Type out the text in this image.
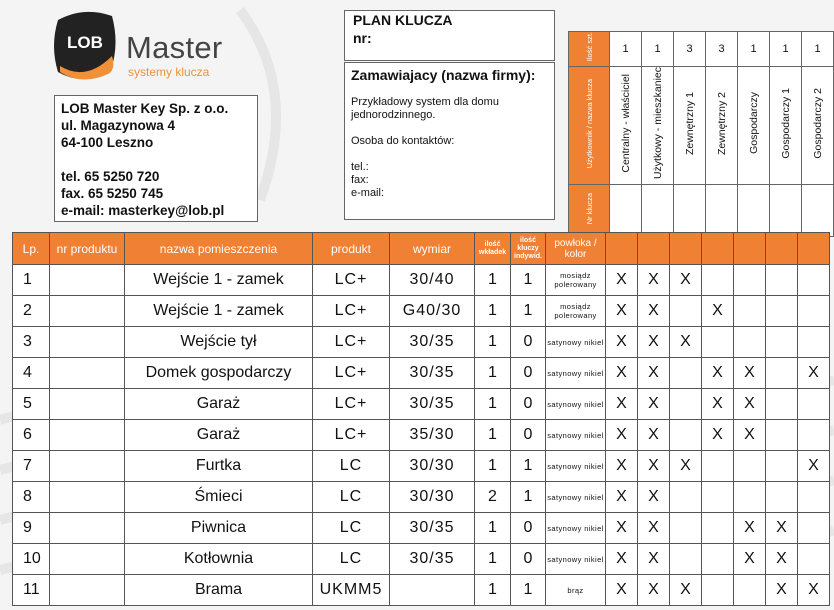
LOB Master
systemy klucza
LOB Master Key Sp. z o.o.
ul. Magazynowa 4
64-100 Leszno
tel. 65 5250 720
fax. 65 5250 745
e-mail: masterkey@lob.pl
PLAN KLUCZA
nr:
Zamawiajacy (nazwa firmy):
Przykładowy system dla domu
jednorodzinnego.
Osoba do kontaktów:
tel.:
fax:
e-mail:
Ilość szt.	1	1	3	3	1	1	1
Użytkownik / nazwa klucza	Centralny - właściciel	Użytkowy - mieszkaniec	Zewnętrzny 1	Zewnętrzny 2	Gospodarczy	Gospodarczy 1	Gospodarczy 2
Nr klucza							
Lp.	nr produktu	nazwa pomieszczenia	produkt	wymiar	ilość wkładek	ilość kluczy indywid.	powłoka / kolor							
1		Wejście 1 - zamek	LC+	30/40	1	1	mosiądz polerowany	X	X	X				
2		Wejście 1 - zamek	LC+	G40/30	1	1	mosiądz polerowany	X	X		X			
3		Wejście tył	LC+	30/35	1	0	satynowy nikiel	X	X	X				
4		Domek gospodarczy	LC+	30/35	1	0	satynowy nikiel	X	X		X	X		X
5		Garaż	LC+	30/35	1	0	satynowy nikiel	X	X		X	X		
6		Garaż	LC+	35/30	1	0	satynowy nikiel	X	X		X	X		
7		Furtka	LC	30/30	1	1	satynowy nikiel	X	X	X				X
8		Śmieci	LC	30/30	2	1	satynowy nikiel	X	X					
9		Piwnica	LC	30/35	1	0	satynowy nikiel	X	X			X	X	
10		Kotłownia	LC	30/35	1	0	satynowy nikiel	X	X			X	X	
11		Brama	UKMM5		1	1	brąz	X	X	X			X	X
